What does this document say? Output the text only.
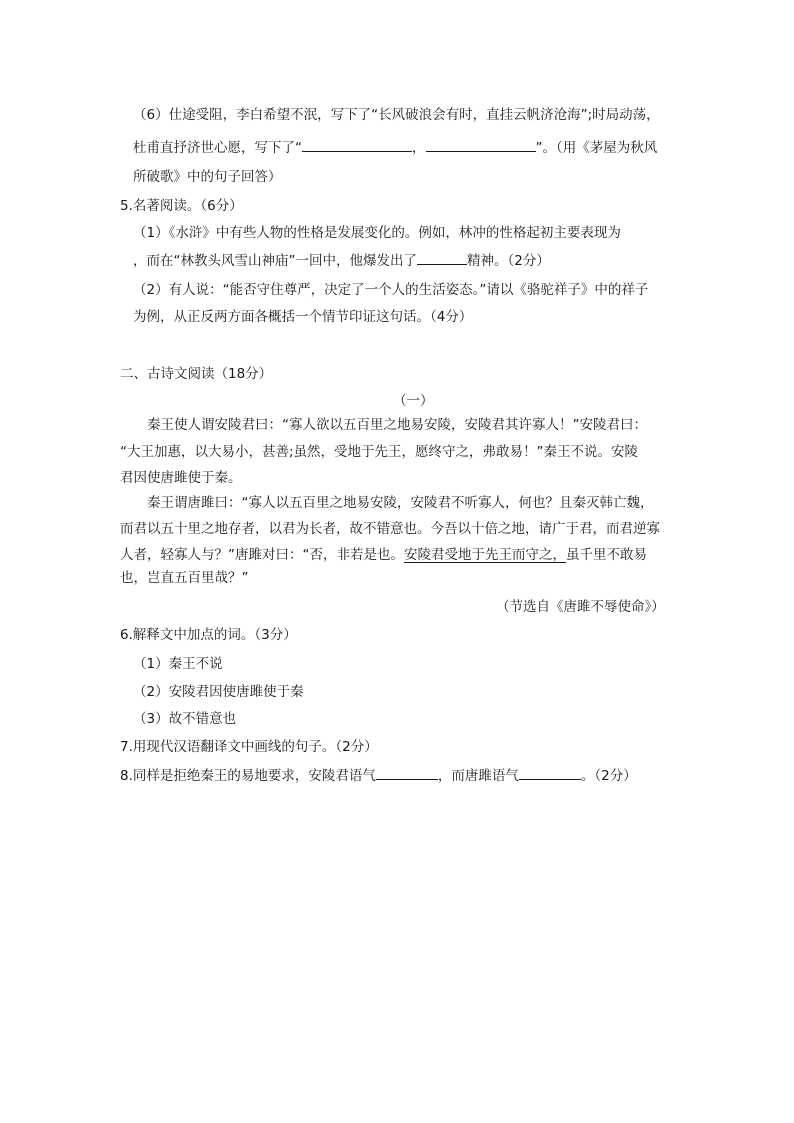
（6）仕途受阻，李白希望不泯，写下了“长风破浪会有时，直挂云帆济沧海”;时局动荡，
杜甫直抒济世心愿，写下了“	，	”。（用《茅屋为秋风
所破歌》中的句子回答）
5.名著阅读。（6分）
（1）《水浒》中有些人物的性格是发展变化的。例如，林冲的性格起初主要表现为
，而在“林教头风雪山神庙”一回中，他爆发出了	精神。（2分）
（2）有人说：“能否守住尊严，决定了一个人的生活姿态。”请以《骆驼祥子》中的祥子
为例，从正反两方面各概括一个情节印证这句话。（4分）
二、古诗文阅读（18分）
（一）
秦王使人谓安陵君曰：“寡人欲以五百里之地易安陵，安陵君其许寡人！”安陵君曰：
“大王加惠，以大易小，甚善;虽然，受地于先王，愿终守之，弗敢易！”秦王不说。安陵
君因使唐雎使于秦。
秦王谓唐雎曰：“寡人以五百里之地易安陵，安陵君不听寡人，何也？且秦灭韩亡魏，
而君以五十里之地存者，以君为长者，故不错意也。今吾以十倍之地，请广于君，而君逆寡
人者，轻寡人与？”唐雎对曰：“否，非若是也。安陵君受地于先王而守之，虽千里不敢易
也，岂直五百里哉？”
（节选自《唐雎不辱使命》）
6.解释文中加点的词。（3分）
（1）秦王不说
（2）安陵君因使唐雎使于秦
（3）故不错意也
7.用现代汉语翻译文中画线的句子。（2分）
8.同样是拒绝秦王的易地要求，安陵君语气	，而唐雎语气	。（2分）
